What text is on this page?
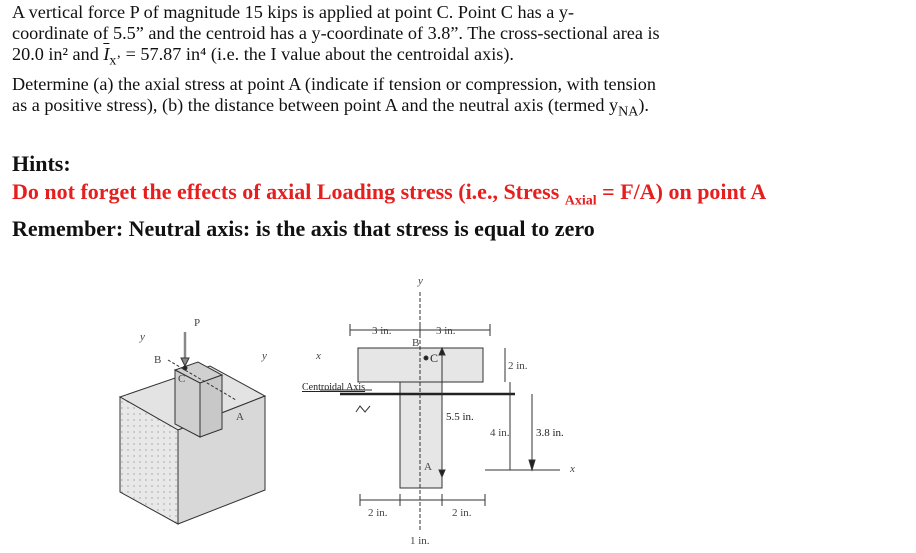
A vertical force P of magnitude 15 kips is applied at point C. Point C has a y-

coordinate of 5.5” and the centroid has a y-coordinate of 3.8”. The cross-sectional area is

20.0 in² and $\overline{I}_{x’} = 57.87$ in⁴ (i.e. the I value about the centroidal axis).

Determine (a) the axial stress at point A (indicate if tension or compression, with tension

as a positive stress), (b) the distance between point A and the neutral axis (termed $y_{NA}$).

Hints:
Do not forget the effects of axial Loading stress (i.e., Stress $_{Axial}$ = F/A) on point A
Remember: Neutral axis: is the axis that stress is equal to zero
P
y
B
C
y	x
A
y
3 in.	3 in.
B
C
2 in.
Centroidal Axis
5.5 in.
4 in. 3.8 in.
A	x
2 in.	2 in.
1 in.
